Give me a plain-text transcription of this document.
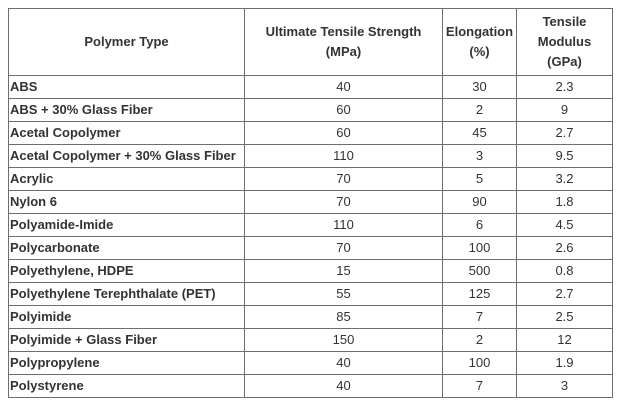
Polymer Type	Ultimate Tensile Strength (MPa)	Elongation (%)	Tensile Modulus (GPa)
ABS	40	30	2.3
ABS + 30% Glass Fiber	60	2	9
Acetal Copolymer	60	45	2.7
Acetal Copolymer + 30% Glass Fiber	110	3	9.5
Acrylic	70	5	3.2
Nylon 6	70	90	1.8
Polyamide-Imide	110	6	4.5
Polycarbonate	70	100	2.6
Polyethylene, HDPE	15	500	0.8
Polyethylene Terephthalate (PET)	55	125	2.7
Polyimide	85	7	2.5
Polyimide + Glass Fiber	150	2	12
Polypropylene	40	100	1.9
Polystyrene	40	7	3
